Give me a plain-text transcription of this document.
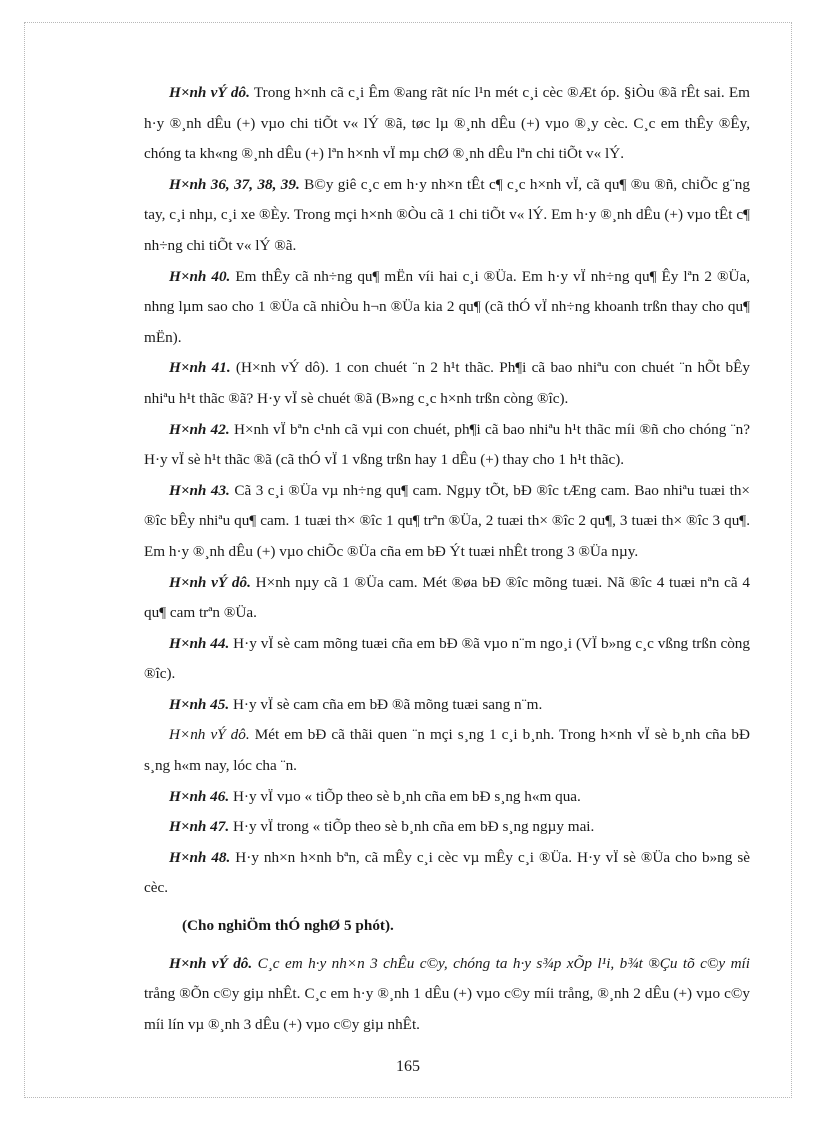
H×nh vÝ dô. Trong h×nh cã c¸i Êm ®ang rãt níc l¹n mét c¸i cèc ®Æt óp. §iÒu ®ã rÊt sai. Em h·y ®¸nh dÊu (+) vµo chi tiÕt v« lÝ ®ã, tøc lµ ®¸nh dÊu (+) vµo ®¸y cèc. C¸c em thÊy ®Êy, chóng ta kh«ng ®¸nh dÊu (+) lªn h×nh vÏ mµ chØ ®¸nh dÊu lªn chi tiÕt v« lÝ.

H×nh 36, 37, 38, 39. B©y giê c¸c em h·y nh×n tÊt c¶ c¸c h×nh vÏ, cã qu¶ ®u ®ñ, chiÕc g¨ng tay, c¸i nhµ, c¸i xe ®Èy. Trong mçi h×nh ®Òu cã 1 chi tiÕt v« lÝ. Em h·y ®¸nh dÊu (+) vµo tÊt c¶ nh÷ng chi tiÕt v« lÝ ®ã.

H×nh 40. Em thÊy cã nh÷ng qu¶ mËn víi hai c¸i ®Üa. Em h·y vÏ nh÷ng qu¶ Êy lªn 2 ®Üa, nhng lµm sao cho 1 ®Üa cã nhiÒu h¬n ®Üa kia 2 qu¶ (cã thÓ vÏ nh÷ng khoanh trßn thay cho qu¶ mËn).

H×nh 41. (H×nh vÝ dô). 1 con chuét ¨n 2 h¹t thãc. Ph¶i cã bao nhiªu con chuét ¨n hÕt bÊy nhiªu h¹t thãc ®ã? H·y vÏ sè chuét ®ã (B»ng c¸c h×nh trßn còng ®îc).

H×nh 42. H×nh vÏ bªn c¹nh cã vµi con chuét, ph¶i cã bao nhiªu h¹t thãc míi ®ñ cho chóng ¨n? H·y vÏ sè h¹t thãc ®ã (cã thÓ vÏ 1 vßng trßn hay 1 dÊu (+) thay cho 1 h¹t thãc).

H×nh 43. Cã 3 c¸i ®Üa vµ nh÷ng qu¶ cam. Ngµy tÕt, bÐ ®îc tÆng cam. Bao nhiªu tuæi th× ®îc bÊy nhiªu qu¶ cam. 1 tuæi th× ®îc 1 qu¶ trªn ®Üa, 2 tuæi th× ®îc 2 qu¶, 3 tuæi th× ®îc 3 qu¶. Em h·y ®¸nh dÊu (+) vµo chiÕc ®Üa cña em bÐ Ýt tuæi nhÊt trong 3 ®Üa nµy.

H×nh vÝ dô. H×nh nµy cã 1 ®Üa cam. Mét ®øa bÐ ®îc mõng tuæi. Nã ®îc 4 tuæi nªn cã 4 qu¶ cam trªn ®Üa.

H×nh 44. H·y vÏ sè cam mõng tuæi cña em bÐ ®ã vµo n¨m ngo¸i (VÏ b»ng c¸c vßng trßn còng ®îc).

H×nh 45. H·y vÏ sè cam cña em bÐ ®ã mõng tuæi sang n¨m.

H×nh vÝ dô. Mét em bÐ cã thãi quen ¨n mçi s¸ng 1 c¸i b¸nh. Trong h×nh vÏ sè b¸nh cña bÐ s¸ng h«m nay, lóc cha ¨n.

H×nh 46. H·y vÏ vµo « tiÕp theo sè b¸nh cña em bÐ s¸ng h«m qua.

H×nh 47. H·y vÏ trong « tiÕp theo sè b¸nh cña em bÐ s¸ng ngµy mai.

H×nh 48. H·y nh×n h×nh bªn, cã mÊy c¸i cèc vµ mÊy c¸i ®Üa. H·y vÏ sè ®Üa cho b»ng sè cèc.

(Cho nghiÖm thÓ nghØ 5 phót).

H×nh vÝ dô. C¸c em h·y nh×n 3 chÊu c©y, chóng ta h·y s¾p xÕp l¹i, b¾t ®Çu tõ c©y míi trång ®Õn c©y giµ nhÊt. C¸c em h·y ®¸nh 1 dÊu (+) vµo c©y míi trång, ®¸nh 2 dÊu (+) vµo c©y míi lín vµ ®¸nh 3 dÊu (+) vµo c©y giµ nhÊt.

165
